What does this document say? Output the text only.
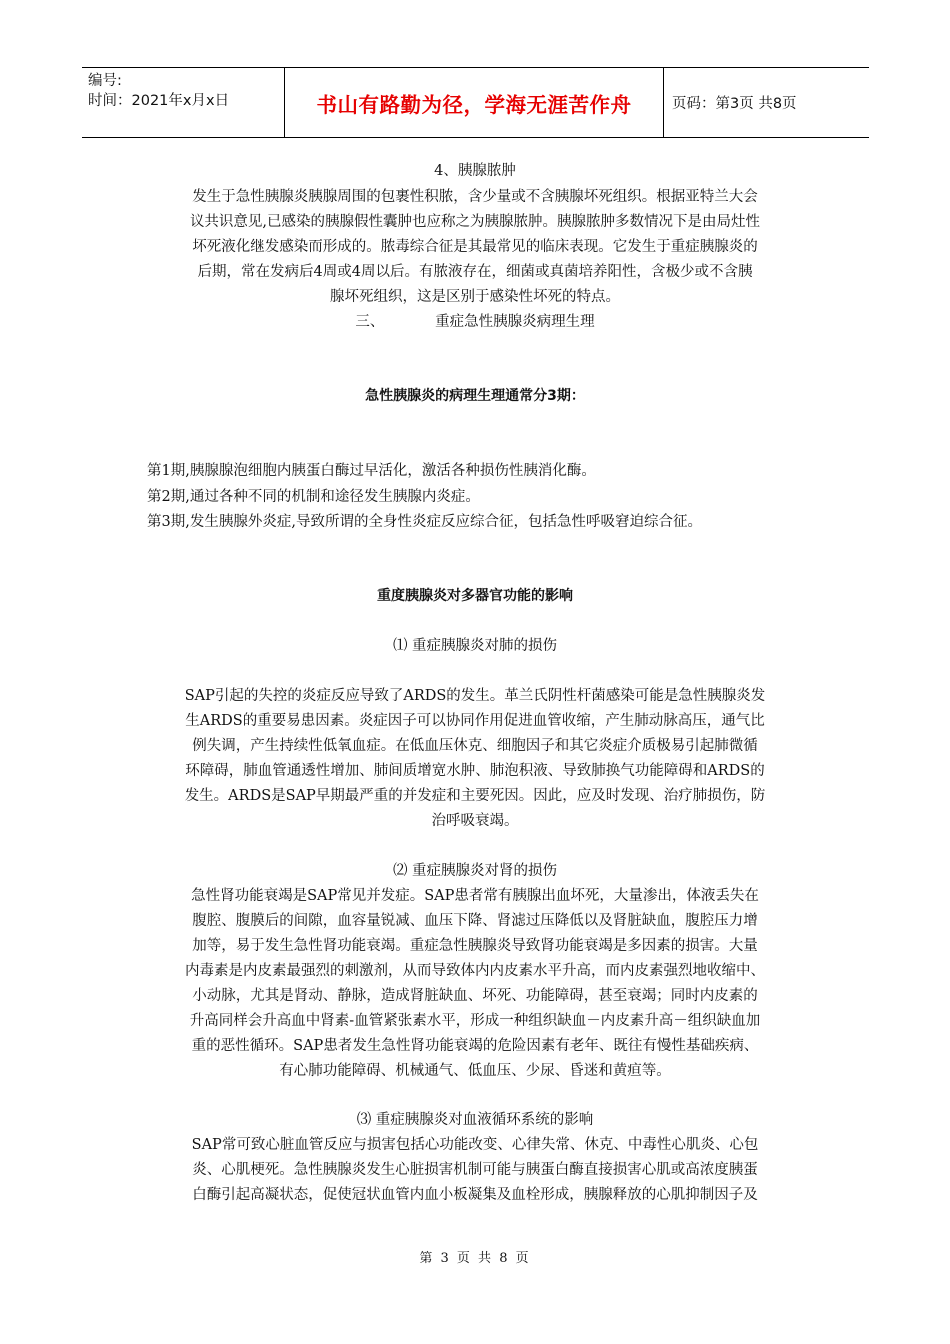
编号:
时间：2021年x月x日	书山有路勤为径，学海无涯苦作舟	页码：第3页 共8页
4、胰腺脓肿
发生于急性胰腺炎胰腺周围的包裹性积脓，含少量或不含胰腺坏死组织。根据亚特兰大会
议共识意见,已感染的胰腺假性囊肿也应称之为胰腺脓肿。胰腺脓肿多数情况下是由局灶性
坏死液化继发感染而形成的。脓毒综合征是其最常见的临床表现。它发生于重症胰腺炎的
后期，常在发病后4周或4周以后。有脓液存在，细菌或真菌培养阳性，含极少或不含胰
腺坏死组织，这是区别于感染性坏死的特点。
三、　　　　重症急性胰腺炎病理生理
急性胰腺炎的病理生理通常分3期：
第1期,胰腺腺泡细胞内胰蛋白酶过早活化，激活各种损伤性胰消化酶。
第2期,通过各种不同的机制和途径发生胰腺内炎症。
第3期,发生胰腺外炎症,导致所谓的全身性炎症反应综合征，包括急性呼吸窘迫综合征。
重度胰腺炎对多器官功能的影响
⑴ 重症胰腺炎对肺的损伤
SAP引起的失控的炎症反应导致了ARDS的发生。革兰氏阴性杆菌感染可能是急性胰腺炎发
生ARDS的重要易患因素。炎症因子可以协同作用促进血管收缩，产生肺动脉高压，通气比
例失调，产生持续性低氧血症。在低血压休克、细胞因子和其它炎症介质极易引起肺微循
环障碍，肺血管通透性增加、肺间质增宽水肿、肺泡积液、导致肺换气功能障碍和ARDS的
发生。ARDS是SAP早期最严重的并发症和主要死因。因此，应及时发现、治疗肺损伤，防
治呼吸衰竭。
⑵ 重症胰腺炎对肾的损伤
急性肾功能衰竭是SAP常见并发症。SAP患者常有胰腺出血坏死，大量渗出，体液丢失在
腹腔、腹膜后的间隙，血容量锐减、血压下降、肾滤过压降低以及肾脏缺血，腹腔压力增
加等，易于发生急性肾功能衰竭。重症急性胰腺炎导致肾功能衰竭是多因素的损害。大量
内毒素是内皮素最强烈的刺激剂，从而导致体内内皮素水平升高，而内皮素强烈地收缩中、
小动脉，尤其是肾动、静脉，造成肾脏缺血、坏死、功能障碍，甚至衰竭；同时内皮素的
升高同样会升高血中肾素-血管紧张素水平，形成一种组织缺血－内皮素升高－组织缺血加
重的恶性循环。SAP患者发生急性肾功能衰竭的危险因素有老年、既往有慢性基础疾病、
有心肺功能障碍、机械通气、低血压、少尿、昏迷和黄疸等。
⑶ 重症胰腺炎对血液循环系统的影响
SAP常可致心脏血管反应与损害包括心功能改变、心律失常、休克、中毒性心肌炎、心包
炎、心肌梗死。急性胰腺炎发生心脏损害机制可能与胰蛋白酶直接损害心肌或高浓度胰蛋
白酶引起高凝状态，促使冠状血管内血小板凝集及血栓形成，胰腺释放的心肌抑制因子及
第 3 页 共 8 页
